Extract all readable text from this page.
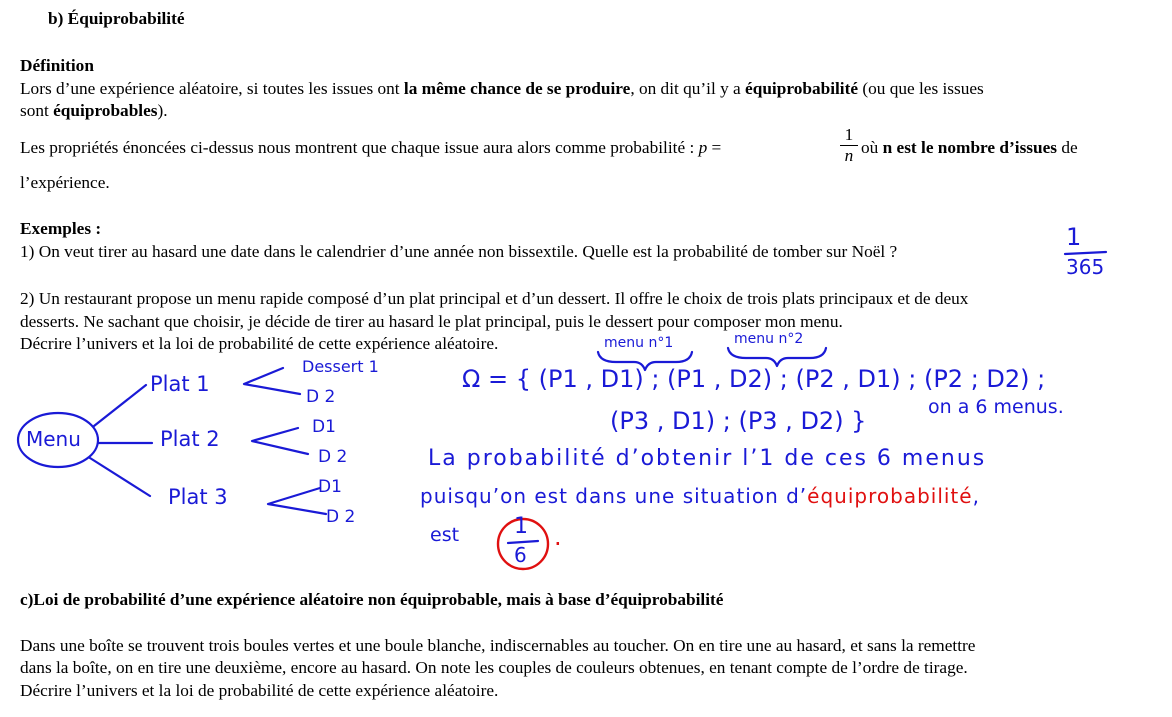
b) Équiprobabilité
Définition
Lors d’une expérience aléatoire, si toutes les issues ont la même chance de se produire, on dit qu’il y a équiprobabilité (ou que les issues
sont équiprobables).
Les propriétés énoncées ci-dessus nous montrent que chaque issue aura alors comme probabilité : p =	$\frac{1}{n}$ où n est le nombre d’issues de
l’expérience.
Exemples :
1) On veut tirer au hasard une date dans le calendrier d’une année non bissextile. Quelle est la probabilité de tomber sur Noël ?
2) Un restaurant propose un menu rapide composé d’un plat principal et d’un dessert. Il offre le choix de trois plats principaux et de deux
desserts. Ne sachant que choisir, je décide de tirer au hasard le plat principal, puis le dessert pour composer mon menu.
Décrire l’univers et la loi de probabilité de cette expérience aléatoire.
c)Loi de probabilité d’une expérience aléatoire non équiprobable, mais à base d’équiprobabilité
Dans une boîte se trouvent trois boules vertes et une boule blanche, indiscernables au toucher. On en tire une au hasard, et sans la remettre
dans la boîte, on en tire une deuxième, encore au hasard. On note les couples de couleurs obtenues, en tenant compte de l’ordre de tirage.
Décrire l’univers et la loi de probabilité de cette expérience aléatoire.
1
365
Menu
Plat 1
Plat 2
Plat 3
Dessert 1
D 2
D1
D 2
D1
D 2
menu n°1	menu n°2
Ω = { (P1 , D1) ; (P1 , D2) ; (P2 , D1) ; (P2 ; D2) ;
(P3 , D1) ; (P3 , D2) }	on a 6 menus.
La probabilité d’obtenir l’1 de ces 6 menus
puisqu’on est dans une situation d’équiprobabilité,
est 1
6
.
